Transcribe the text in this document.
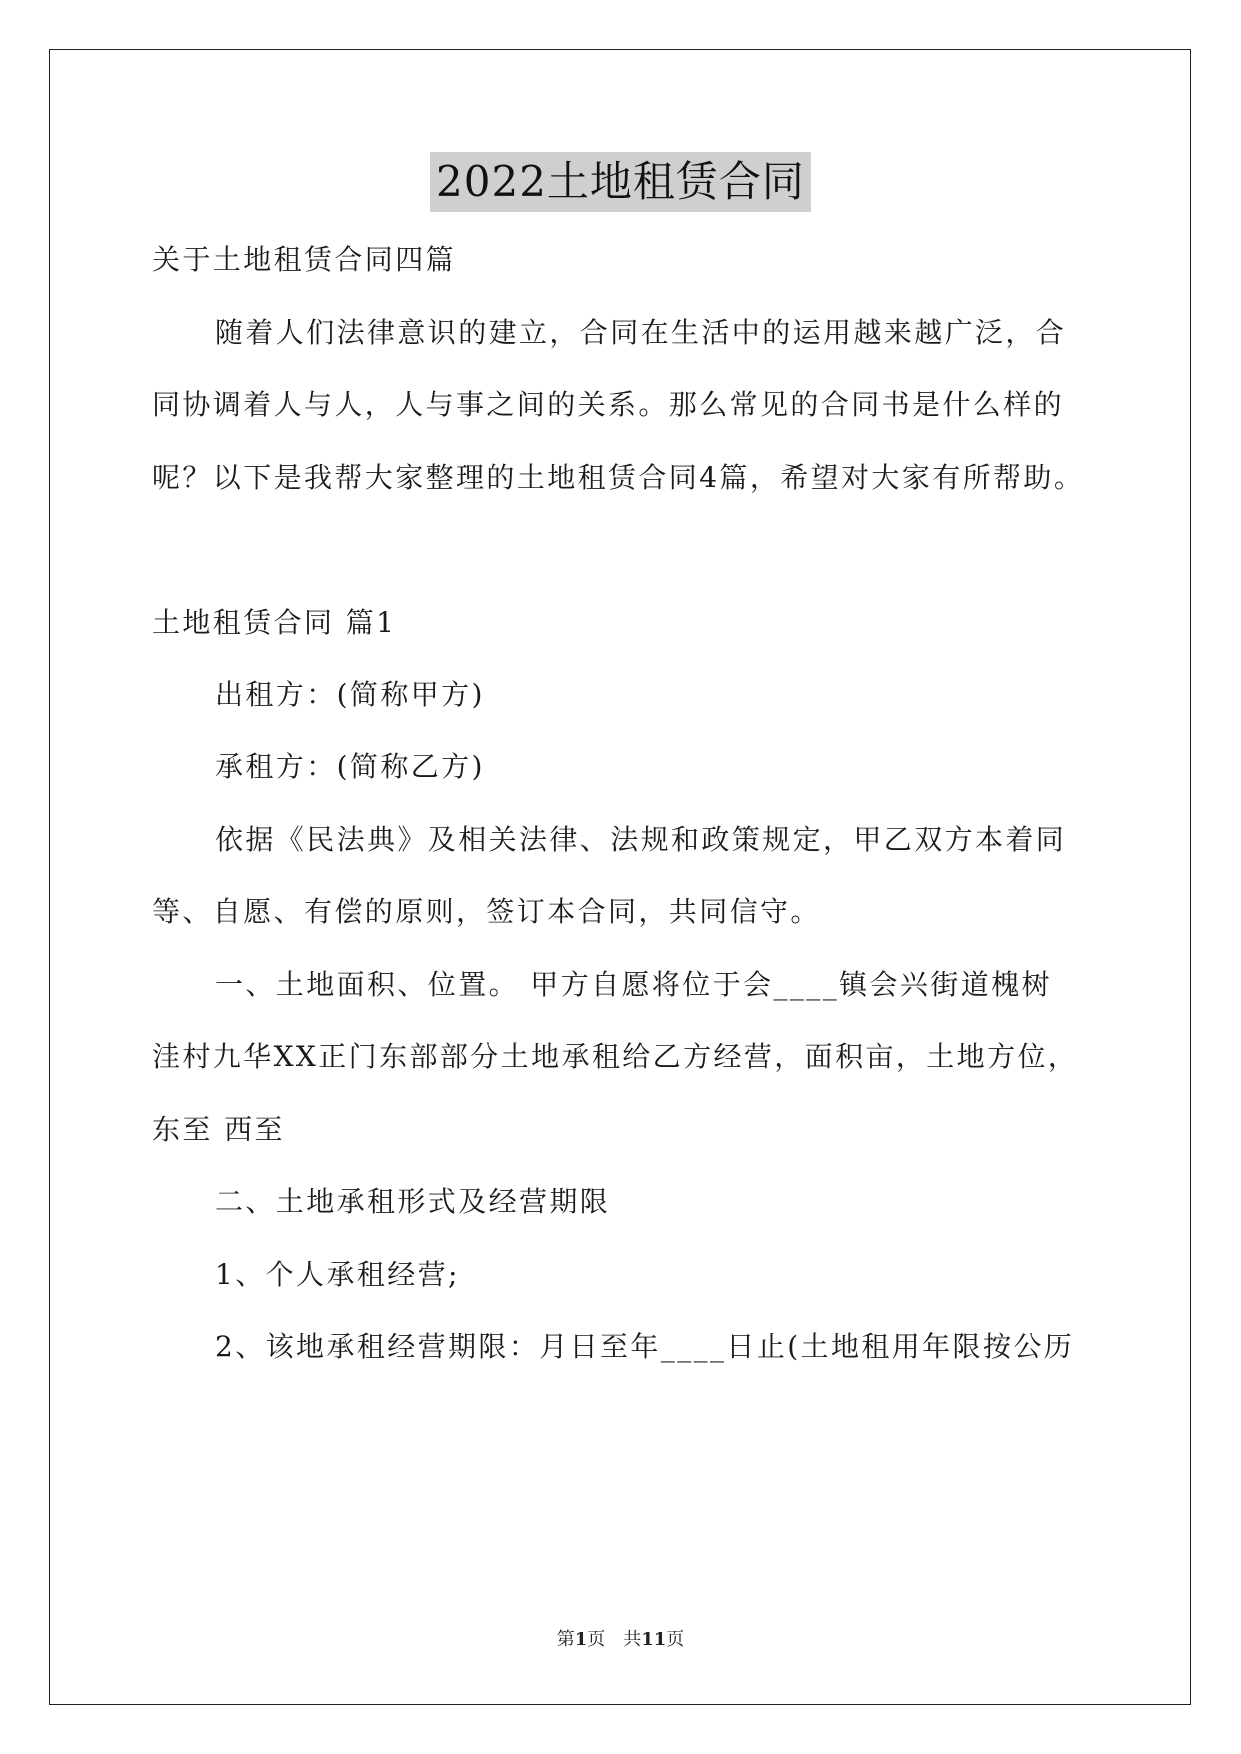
2022土地租赁合同
关于土地租赁合同四篇
随着人们法律意识的建立，合同在生活中的运用越来越广泛，合
同协调着人与人，人与事之间的关系。那么常见的合同书是什么样的
呢？以下是我帮大家整理的土地租赁合同4篇，希望对大家有所帮助。
土地租赁合同 篇1
出租方：(简称甲方)
承租方：(简称乙方)
依据《民法典》及相关法律、法规和政策规定，甲乙双方本着同
等、自愿、有偿的原则，签订本合同，共同信守。
一、土地面积、位置。 甲方自愿将位于会____镇会兴街道槐树
洼村九华XX正门东部部分土地承租给乙方经营，面积亩，土地方位，
东至 西至
二、土地承租形式及经营期限
1、个人承租经营;
2、该地承租经营期限：月日至年____日止(土地租用年限按公历
第1页 共11页
